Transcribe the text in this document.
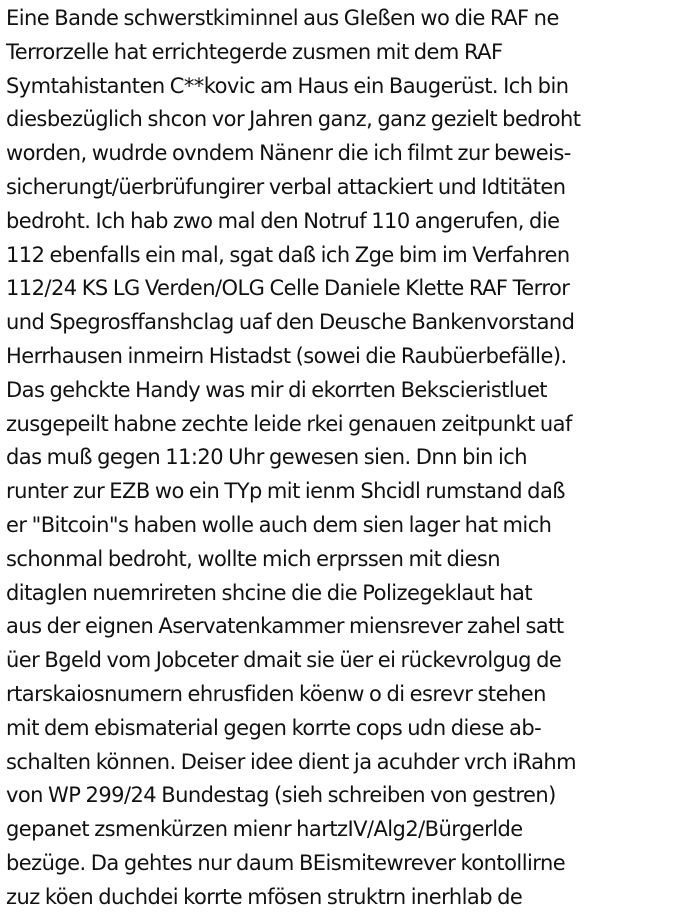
Eine Bande schwerstkiminnel aus GIeßen wo die RAF ne
Terrorzelle hat errichtegerde zusmen mit dem RAF
Symtahistanten C**kovic am Haus ein Baugerüst. Ich bin
diesbezüglich shcon vor Jahren ganz, ganz gezielt bedroht
worden, wudrde ovndem Nänenr die ich filmt zur beweis-
sicherungt/üerbrüfungirer verbal attackiert und Idtitäten
bedroht. Ich hab zwo mal den Notruf 110 angerufen, die
112 ebenfalls ein mal, sgat daß ich Zge bim im Verfahren
112/24 KS LG Verden/OLG Celle Daniele Klette RAF Terror
und Spegrosffanshclag uaf den Deusche Bankenvorstand
Herrhausen inmeirn Histadst (sowei die Raubüerbefälle).
Das gehckte Handy was mir di ekorrten Bekscieristluet
zusgepeilt habne zechte leide rkei genauen zeitpunkt uaf
das muß gegen 11:20 Uhr gewesen sien. Dnn bin ich
runter zur EZB wo ein TYp mit ienm Shcidl rumstand daß
er "Bitcoin"s haben wolle auch dem sien lager hat mich
schonmal bedroht, wollte mich erprssen mit diesn
ditaglen nuemrireten shcine die die Polizegeklaut hat
aus der eignen Aservatenkammer miensrever zahel satt
üer Bgeld vom Jobceter dmait sie üer ei rückevrolgug de
rtarskaiosnumern ehrusfiden köenw o di esrevr stehen
mit dem ebismaterial gegen korrte cops udn diese ab-
schalten können. Deiser idee dient ja acuhder vrch iRahm
von WP 299/24 Bundestag (sieh schreiben von gestren)
gepanet zsmenkürzen mienr hartzIV/Alg2/Bürgerlde
bezüge. Da gehtes nur daum BEismitewrever kontollirne
zuz köen duchdei korrte mfösen struktrn inerhlab de
